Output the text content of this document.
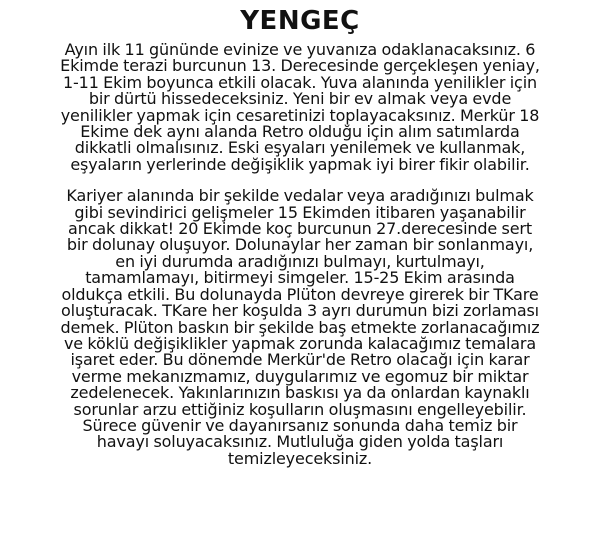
YENGEÇ

Ayın ilk 11 gününde evinize ve yuvanıza odaklanacaksınız. 6
Ekimde terazi burcunun 13. Derecesinde gerçekleşen yeniay,
1-11 Ekim boyunca etkili olacak. Yuva alanında yenilikler için
bir dürtü hissedeceksiniz. Yeni bir ev almak veya evde
yenilikler yapmak için cesaretinizi toplayacaksınız. Merkür 18
Ekime dek aynı alanda Retro olduğu için alım satımlarda
dikkatli olmalısınız. Eski eşyaları yenilemek ve kullanmak,
eşyaların yerlerinde değişiklik yapmak iyi birer fikir olabilir.

Kariyer alanında bir şekilde vedalar veya aradığınızı bulmak
gibi sevindirici gelişmeler 15 Ekimden itibaren yaşanabilir
ancak dikkat! 20 Ekimde koç burcunun 27.derecesinde sert
bir dolunay oluşuyor. Dolunaylar her zaman bir sonlanmayı,
en iyi durumda aradığınızı bulmayı, kurtulmayı,
tamamlamayı, bitirmeyi simgeler. 15-25 Ekim arasında
oldukça etkili. Bu dolunayda Plüton devreye girerek bir TKare
oluşturacak. TKare her koşulda 3 ayrı durumun bizi zorlaması
demek. Plüton baskın bir şekilde baş etmekte zorlanacağımız
ve köklü değişiklikler yapmak zorunda kalacağımız temalara
işaret eder. Bu dönemde Merkür'de Retro olacağı için karar
verme mekanızmamız, duygularımız ve egomuz bir miktar
zedelenecek. Yakınlarınızın baskısı ya da onlardan kaynaklı
sorunlar arzu ettiğiniz koşulların oluşmasını engelleyebilir.
Sürece güvenir ve dayanırsanız sonunda daha temiz bir
havayı soluyacaksınız. Mutluluğa giden yolda taşları
temizleyeceksiniz.
